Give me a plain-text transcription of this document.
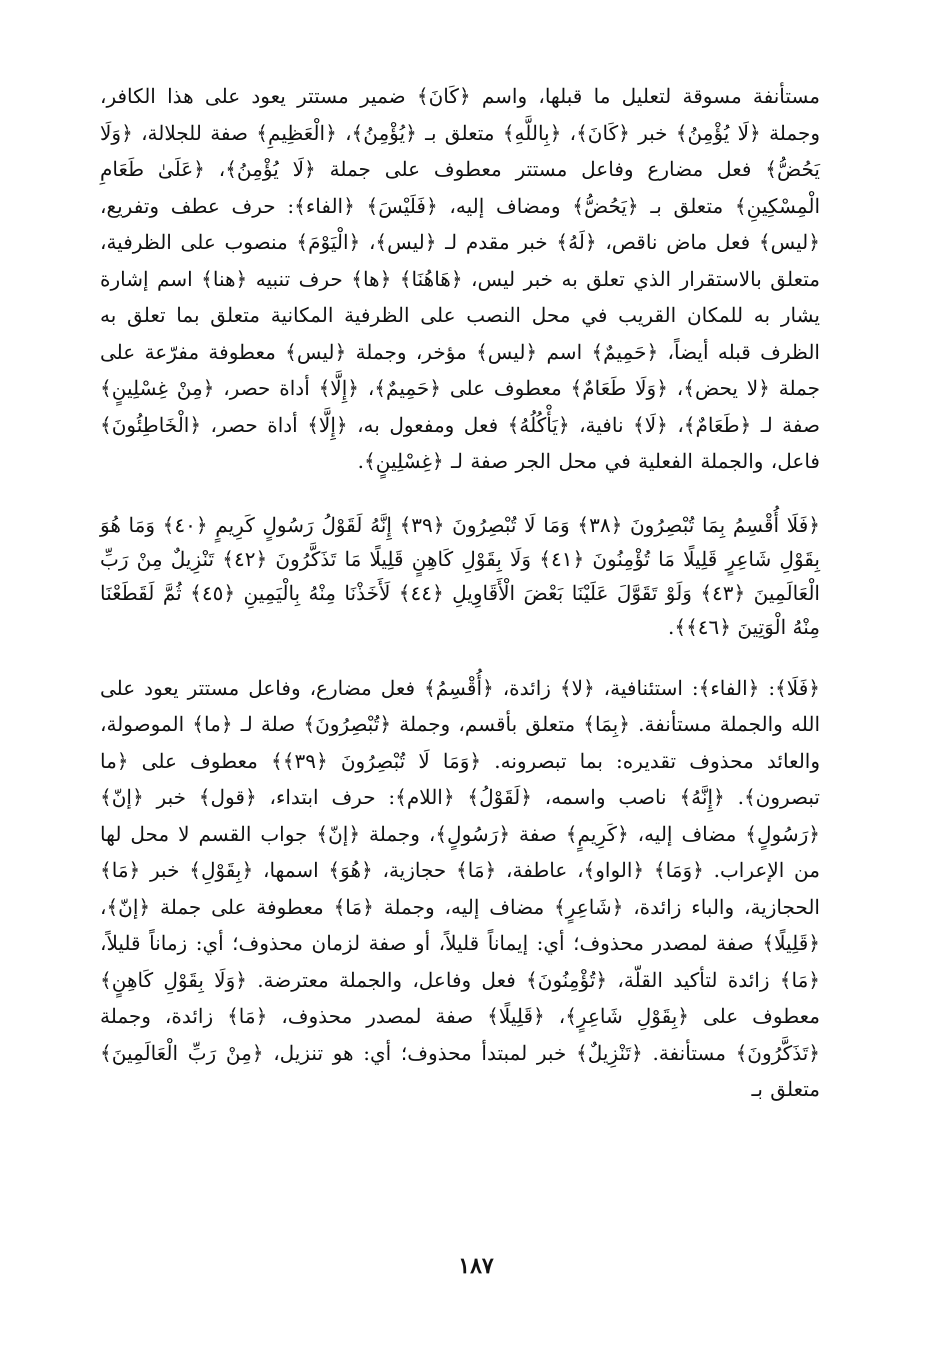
مستأنفة مسوقة لتعليل ما قبلها، واسم ﴿كَانَ﴾ ضمير مستتر يعود على هذا الكافر، وجملة ﴿لَا يُؤْمِنُ﴾ خبر ﴿كَانَ﴾، ﴿بِاللَّهِ﴾ متعلق بـ ﴿يُؤْمِنُ﴾، ﴿الْعَظِيمِ﴾ صفة للجلالة، ﴿وَلَا يَحُضُّ﴾ فعل مضارع وفاعل مستتر معطوف على جملة ﴿لَا يُؤْمِنُ﴾، ﴿عَلَىٰ طَعَامِ الْمِسْكِينِ﴾ متعلق بـ ﴿يَحُضُّ﴾ ومضاف إليه، ﴿فَلَيْسَ﴾ ﴿الفاء﴾: حرف عطف وتفريع، ﴿ليس﴾ فعل ماض ناقص، ﴿لَهُ﴾ خبر مقدم لـ ﴿ليس﴾، ﴿الْيَوْمَ﴾ منصوب على الظرفية، متعلق بالاستقرار الذي تعلق به خبر ليس، ﴿هَاهُنَا﴾ ﴿ها﴾ حرف تنبيه ﴿هنا﴾ اسم إشارة يشار به للمكان القريب في محل النصب على الظرفية المكانية متعلق بما تعلق به الظرف قبله أيضاً، ﴿حَمِيمٌ﴾ اسم ﴿ليس﴾ مؤخر، وجملة ﴿ليس﴾ معطوفة مفرّعة على جملة ﴿لا يحض﴾، ﴿وَلَا طَعَامٌ﴾ معطوف على ﴿حَمِيمٌ﴾، ﴿إِلَّا﴾ أداة حصر، ﴿مِنْ غِسْلِينٍ﴾ صفة لـ ﴿طَعَامٌ﴾، ﴿لَا﴾ نافية، ﴿يَأْكُلُهُ﴾ فعل ومفعول به، ﴿إِلَّا﴾ أداة حصر، ﴿الْخَاطِئُونَ﴾ فاعل، والجملة الفعلية في محل الجر صفة لـ ﴿غِسْلِينٍ﴾.

﴿فَلَا أُقْسِمُ بِمَا تُبْصِرُونَ ﴿٣٨﴾ وَمَا لَا تُبْصِرُونَ ﴿٣٩﴾ إِنَّهُ لَقَوْلُ رَسُولٍ كَرِيمٍ ﴿٤٠﴾ وَمَا هُوَ بِقَوْلِ شَاعِرٍ قَلِيلًا مَا تُؤْمِنُونَ ﴿٤١﴾ وَلَا بِقَوْلِ كَاهِنٍ قَلِيلًا مَا تَذَكَّرُونَ ﴿٤٢﴾ تَنْزِيلٌ مِنْ رَبِّ الْعَالَمِينَ ﴿٤٣﴾ وَلَوْ تَقَوَّلَ عَلَيْنَا بَعْضَ الْأَقَاوِيلِ ﴿٤٤﴾ لَأَخَذْنَا مِنْهُ بِالْيَمِينِ ﴿٤٥﴾ ثُمَّ لَقَطَعْنَا مِنْهُ الْوَتِينَ ﴿٤٦﴾﴾.

﴿فَلَا﴾: ﴿الفاء﴾: استئنافية، ﴿لا﴾ زائدة، ﴿أُقْسِمُ﴾ فعل مضارع، وفاعل مستتر يعود على الله والجملة مستأنفة. ﴿بِمَا﴾ متعلق بأقسم، وجملة ﴿تُبْصِرُونَ﴾ صلة لـ ﴿ما﴾ الموصولة، والعائد محذوف تقديره: بما تبصرونه. ﴿وَمَا لَا تُبْصِرُونَ ﴿٣٩﴾﴾ معطوف على ﴿ما تبصرون﴾. ﴿إِنَّهُ﴾ ناصب واسمه، ﴿لَقَوْلُ﴾ ﴿اللام﴾: حرف ابتداء، ﴿قول﴾ خبر ﴿إنّ﴾ ﴿رَسُولٍ﴾ مضاف إليه، ﴿كَرِيمٍ﴾ صفة ﴿رَسُولٍ﴾، وجملة ﴿إنّ﴾ جواب القسم لا محل لها من الإعراب. ﴿وَمَا﴾ ﴿الواو﴾، عاطفة، ﴿مَا﴾ حجازية، ﴿هُوَ﴾ اسمها، ﴿بِقَوْلِ﴾ خبر ﴿مَا﴾ الحجازية، والباء زائدة، ﴿شَاعِرٍ﴾ مضاف إليه، وجملة ﴿مَا﴾ معطوفة على جملة ﴿إنّ﴾، ﴿قَلِيلًا﴾ صفة لمصدر محذوف؛ أي: إيماناً قليلاً، أو صفة لزمان محذوف؛ أي: زماناً قليلاً، ﴿مَا﴾ زائدة لتأكيد القلّة، ﴿تُؤْمِنُونَ﴾ فعل وفاعل، والجملة معترضة. ﴿وَلَا بِقَوْلِ كَاهِنٍ﴾ معطوف على ﴿بِقَوْلِ شَاعِرٍ﴾، ﴿قَلِيلًا﴾ صفة لمصدر محذوف، ﴿مَا﴾ زائدة، وجملة ﴿تَذَكَّرُونَ﴾ مستأنفة. ﴿تَنْزِيلٌ﴾ خبر لمبتدأ محذوف؛ أي: هو تنزيل، ﴿مِنْ رَبِّ الْعَالَمِينَ﴾ متعلق بـ

١٨٧
